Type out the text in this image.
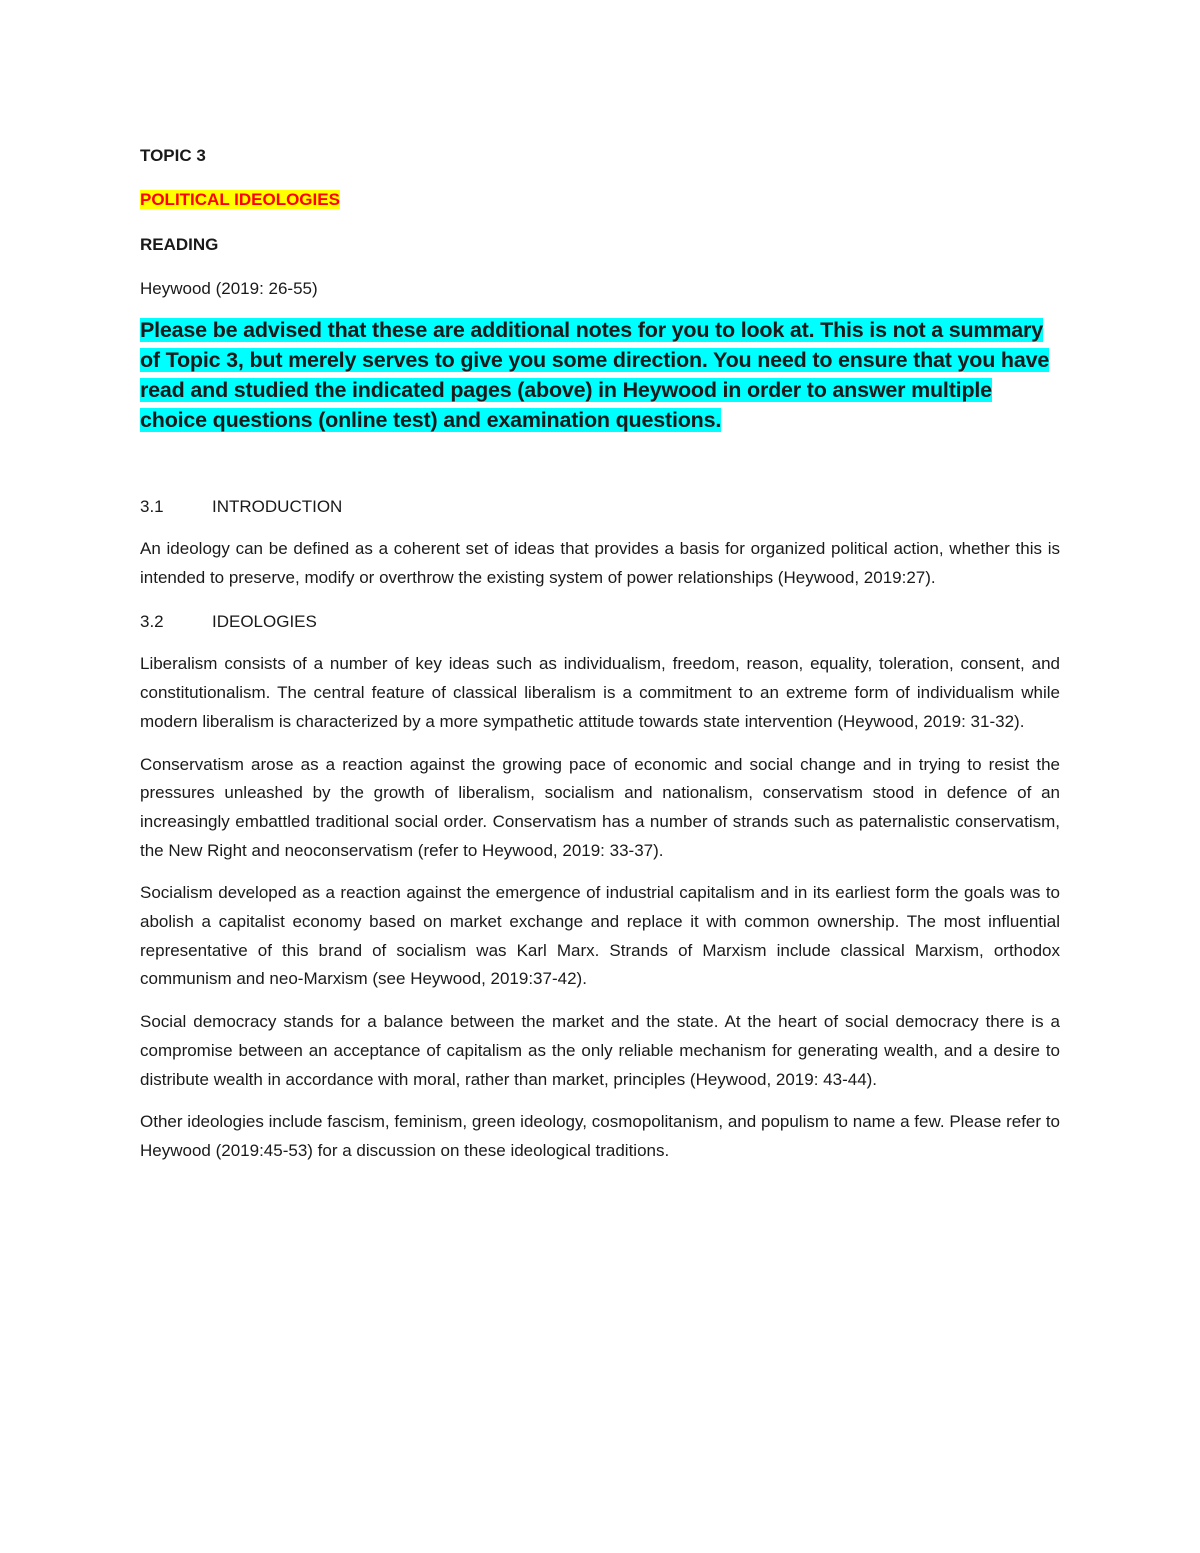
TOPIC 3
POLITICAL IDEOLOGIES
READING
Heywood (2019: 26-55)
Please be advised that these are additional notes for you to look at. This is not a summary of Topic 3, but merely serves to give you some direction. You need to ensure that you have read and studied the indicated pages (above) in Heywood in order to answer multiple choice questions (online test) and examination questions.
3.1	INTRODUCTION

An ideology can be defined as a coherent set of ideas that provides a basis for organized political action, whether this is intended to preserve, modify or overthrow the existing system of power relationships (Heywood, 2019:27).

3.2	IDEOLOGIES

Liberalism consists of a number of key ideas such as individualism, freedom, reason, equality, toleration, consent, and constitutionalism. The central feature of classical liberalism is a commitment to an extreme form of individualism while modern liberalism is characterized by a more sympathetic attitude towards state intervention (Heywood, 2019: 31-32).

Conservatism arose as a reaction against the growing pace of economic and social change and in trying to resist the pressures unleashed by the growth of liberalism, socialism and nationalism, conservatism stood in defence of an increasingly embattled traditional social order. Conservatism has a number of strands such as paternalistic conservatism, the New Right and neoconservatism (refer to Heywood, 2019: 33-37).

Socialism developed as a reaction against the emergence of industrial capitalism and in its earliest form the goals was to abolish a capitalist economy based on market exchange and replace it with common ownership. The most influential representative of this brand of socialism was Karl Marx. Strands of Marxism include classical Marxism, orthodox communism and neo-Marxism (see Heywood, 2019:37-42).

Social democracy stands for a balance between the market and the state. At the heart of social democracy there is a compromise between an acceptance of capitalism as the only reliable mechanism for generating wealth, and a desire to distribute wealth in accordance with moral, rather than market, principles (Heywood, 2019: 43-44).

Other ideologies include fascism, feminism, green ideology, cosmopolitanism, and populism to name a few. Please refer to Heywood (2019:45-53) for a discussion on these ideological traditions.
